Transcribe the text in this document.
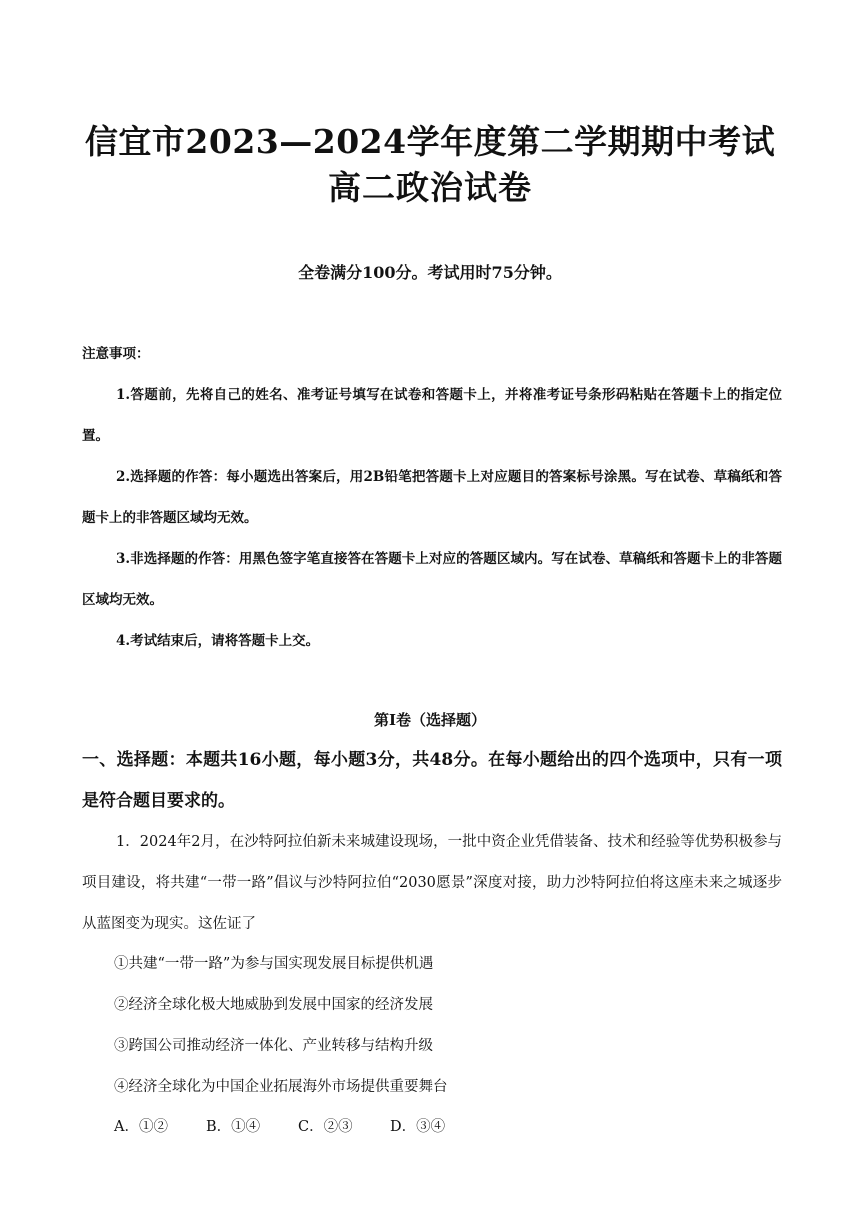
信宜市2023—2024学年度第二学期期中考试
高二政治试卷
全卷满分100分。考试用时75分钟。
注意事项：
1.答题前，先将自己的姓名、准考证号填写在试卷和答题卡上，并将准考证号条形码粘贴在答题卡上的指定位置。
2.选择题的作答：每小题选出答案后，用2B铅笔把答题卡上对应题目的答案标号涂黑。写在试卷、草稿纸和答题卡上的非答题区域均无效。
3.非选择题的作答：用黑色签字笔直接答在答题卡上对应的答题区域内。写在试卷、草稿纸和答题卡上的非答题区域均无效。
4.考试结束后，请将答题卡上交。
第Ⅰ卷（选择题）
一、选择题：本题共16小题，每小题3分，共48分。在每小题给出的四个选项中，只有一项是符合题目要求的。
1．2024年2月，在沙特阿拉伯新未来城建设现场，一批中资企业凭借装备、技术和经验等优势积极参与项目建设，将共建“一带一路”倡议与沙特阿拉伯“2030愿景”深度对接，助力沙特阿拉伯将这座未来之城逐步从蓝图变为现实。这佐证了
①共建“一带一路”为参与国实现发展目标提供机遇
②经济全球化极大地威胁到发展中国家的经济发展
③跨国公司推动经济一体化、产业转移与结构升级
④经济全球化为中国企业拓展海外市场提供重要舞台
A．①②	B．①④	C．②③	D．③④
